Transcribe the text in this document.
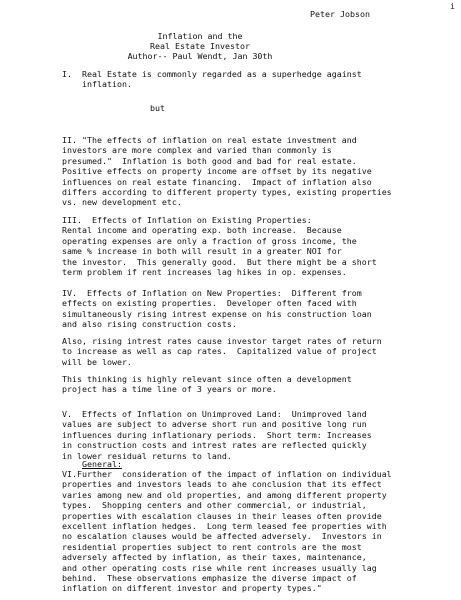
i
Peter Jobson
Inflation and the
Real Estate Investor
Author-- Paul Wendt, Jan 30th
I.  Real Estate is commonly regarded as a superhedge against
inflation.
but
II. "The effects of inflation on real estate investment and
investors are more complex and varied than commonly is
presumed."  Inflation is both good and bad for real estate.
Positive effects on property income are offset by its negative
influences on real estate financing.  Impact of inflation also
differs according to different property types, existing properties
vs. new development etc.
III.  Effects of Inflation on Existing Properties:
Rental income and operating exp. both increase.  Because
operating expenses are only a fraction of gross income, the
same % increase in both will result in a greater NOI for
the investor.  This generally good.  But there might be a short
term problem if rent increases lag hikes in op. expenses.
IV.  Effects of Inflation on New Properties:  Different from
effects on existing properties.  Developer often faced with
simultaneously rising intrest expense on his construction loan
and also rising construction costs.
Also, rising intrest rates cause investor target rates of return
to increase as well as cap rates.  Capitalized value of project
will be lower.
This thinking is highly relevant since often a development
project has a time line of 3 years or more.
V.  Effects of Inflation on Unimproved Land:  Unimproved land
values are subject to adverse short run and positive long run
influences during inflationary periods.  Short term: Increases
in construction costs and intrest rates are reflected quickly
in lower residual returns to land.
General:
VI.Further  consideration of the impact of inflation on individual
properties and investors leads to ahe conclusion that its effect
varies among new and old properties, and among different property
types.  Shopping centers and other commercial, or industrial,
properties with escalation clauses in their leases often provide
excellent inflation hedges.  Long term leased fee properties with
no escalation clauses would be affected adversely.  Investors in
residential properties subject to rent controls are the most
adversely affected by inflation, as their taxes, maintenance,
and other operating costs rise while rent increases usually lag
behind.  These observations emphasize the diverse impact of
inflation on different investor and property types."
